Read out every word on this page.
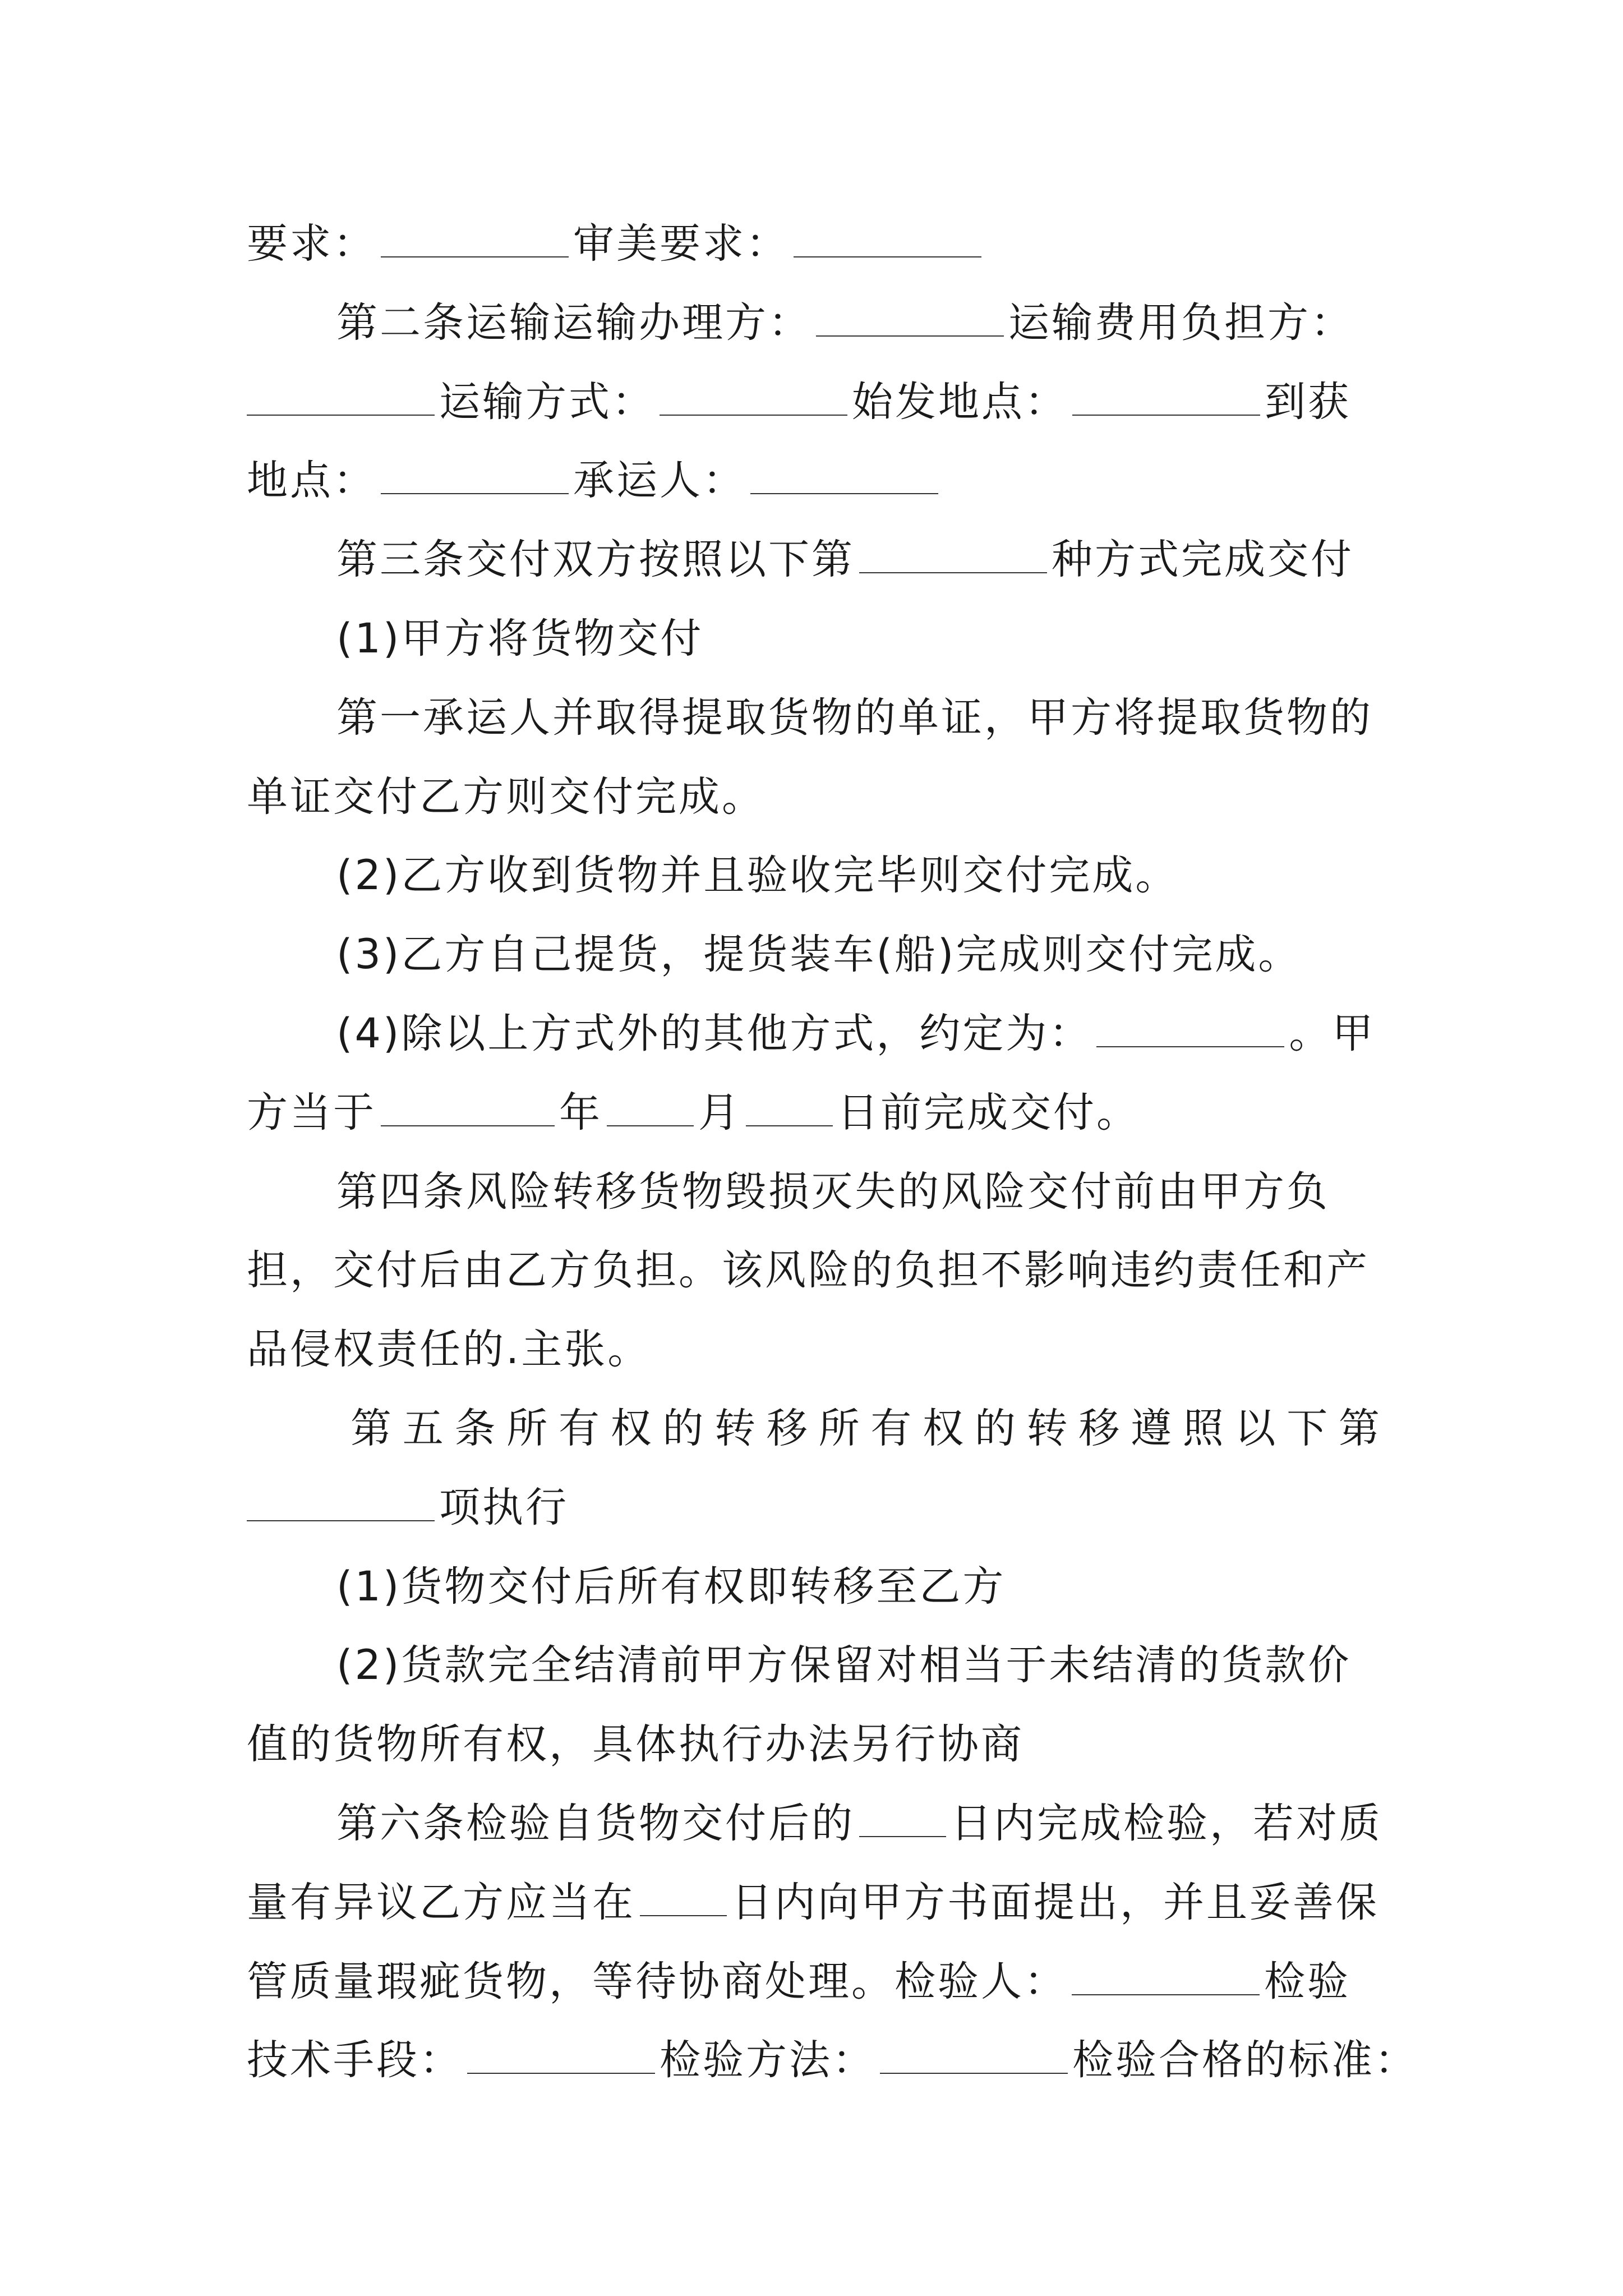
要求：	审美要求：
第二条运输运输办理方：	运输费用负担方：
运输方式：	始发地点：	到获
地点：	承运人：
第三条交付双方按照以下第	种方式完成交付
(1)甲方将货物交付
第一承运人并取得提取货物的单证，甲方将提取货物的
单证交付乙方则交付完成。
(2)乙方收到货物并且验收完毕则交付完成。
(3)乙方自己提货，提货装车(船)完成则交付完成。
(4)除以上方式外的其他方式，约定为：	。甲
方当于	年 月 日前完成交付。
第四条风险转移货物毁损灭失的风险交付前由甲方负
担，交付后由乙方负担。该风险的负担不影响违约责任和产
品侵权责任的.主张。
第五条所有权的转移所有权的转移遵照以下第
项执行
(1)货物交付后所有权即转移至乙方
(2)货款完全结清前甲方保留对相当于未结清的货款价
值的货物所有权，具体执行办法另行协商
第六条检验自货物交付后的 日内完成检验，若对质
量有异议乙方应当在 日内向甲方书面提出，并且妥善保
管质量瑕疵货物，等待协商处理。检验人：	检验
技术手段：	检验方法：	检验合格的标准：
